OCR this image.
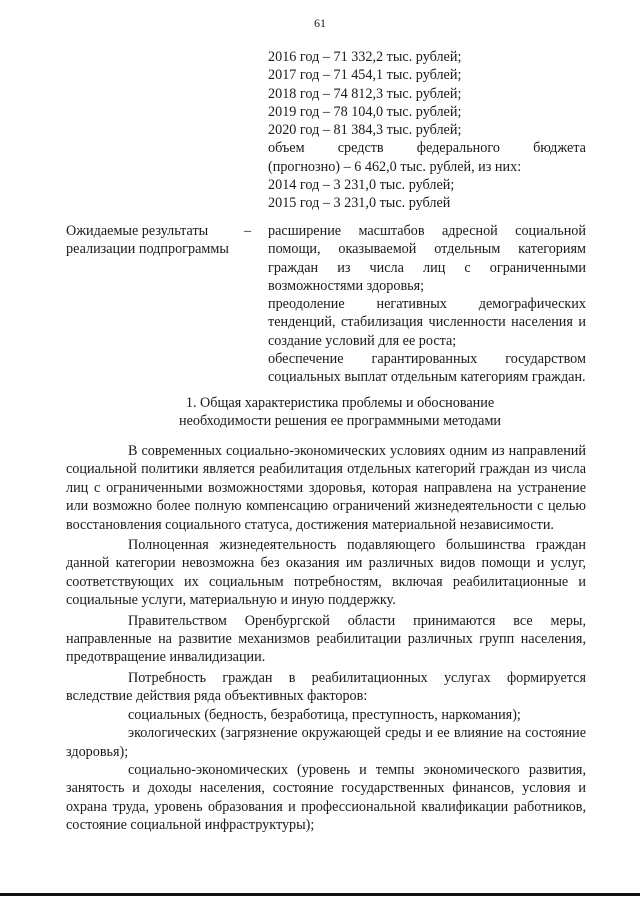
61
2016 год – 71 332,2 тыс. рублей;
2017 год – 71 454,1 тыс. рублей;
2018 год – 74 812,3 тыс. рублей;
2019 год – 78 104,0 тыс. рублей;
2020 год – 81 384,3 тыс. рублей;
объем средств федерального бюджета
(прогнозно) – 6 462,0 тыс. рублей, из них:
2014 год – 3 231,0 тыс. рублей;
2015 год – 3 231,0 тыс. рублей
Ожидаемые результаты реализации подпрограммы
– расширение масштабов адресной социальной помощи, оказываемой отдельным категориям граждан из числа лиц с ограниченными возможностями здоровья;

преодоление негативных демографических тенденций, стабилизация численности населения и создание условий для ее роста;

обеспечение гарантированных государством социальных выплат отдельным категориям граждан.

1. Общая характеристика проблемы и обоснование
необходимости решения ее программными методами

В современных социально-экономических условиях одним из направлений социальной политики является реабилитация отдельных категорий граждан из числа лиц с ограниченными возможностями здоровья, которая направлена на устранение или возможно более полную компенсацию ограничений жизнедеятельности с целью восстановления социального статуса, достижения материальной независимости.

Полноценная жизнедеятельность подавляющего большинства граждан данной категории невозможна без оказания им различных видов помощи и услуг, соответствующих их социальным потребностям, включая реабилитационные и социальные услуги, материальную и иную поддержку.

Правительством Оренбургской области принимаются все меры, направленные на развитие механизмов реабилитации различных групп населения, предотвращение инвалидизации.

Потребность граждан в реабилитационных услугах формируется вследствие действия ряда объективных факторов:

социальных (бедность, безработица, преступность, наркомания);

экологических (загрязнение окружающей среды и ее влияние на состояние здоровья);

социально-экономических (уровень и темпы экономического развития, занятость и доходы населения, состояние государственных финансов, условия и охрана труда, уровень образования и профессиональной квалификации работников, состояние социальной инфраструктуры);
